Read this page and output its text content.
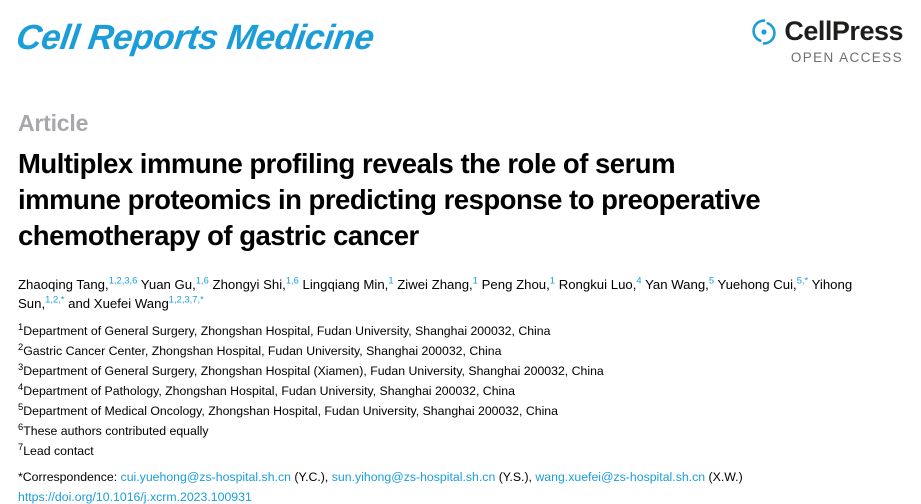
Cell Reports Medicine	CellPress
OPEN ACCESS
Article
Multiplex immune profiling reveals the role of serum immune proteomics in predicting response to preoperative chemotherapy of gastric cancer
Zhaoqing Tang,$^{1,2,3,6}$ Yuan Gu,$^{1,6}$ Zhongyi Shi,$^{1,6}$ Lingqiang Min,$^1$ Ziwei Zhang,$^1$ Peng Zhou,$^1$ Rongkui Luo,$^4$ Yan Wang,$^5$ Yuehong Cui,$^{5,*}$ Yihong Sun,$^{1,2,*}$ and Xuefei Wang$^{1,2,3,7,*}$
$^1$Department of General Surgery, Zhongshan Hospital, Fudan University, Shanghai 200032, China
$^2$Gastric Cancer Center, Zhongshan Hospital, Fudan University, Shanghai 200032, China
$^3$Department of General Surgery, Zhongshan Hospital (Xiamen), Fudan University, Shanghai 200032, China
$^4$Department of Pathology, Zhongshan Hospital, Fudan University, Shanghai 200032, China
$^5$Department of Medical Oncology, Zhongshan Hospital, Fudan University, Shanghai 200032, China
$^6$These authors contributed equally
$^7$Lead contact
*Correspondence: cui.yuehong@zs-hospital.sh.cn (Y.C.), sun.yihong@zs-hospital.sh.cn (Y.S.), wang.xuefei@zs-hospital.sh.cn (X.W.)
https://doi.org/10.1016/j.xcrm.2023.100931
